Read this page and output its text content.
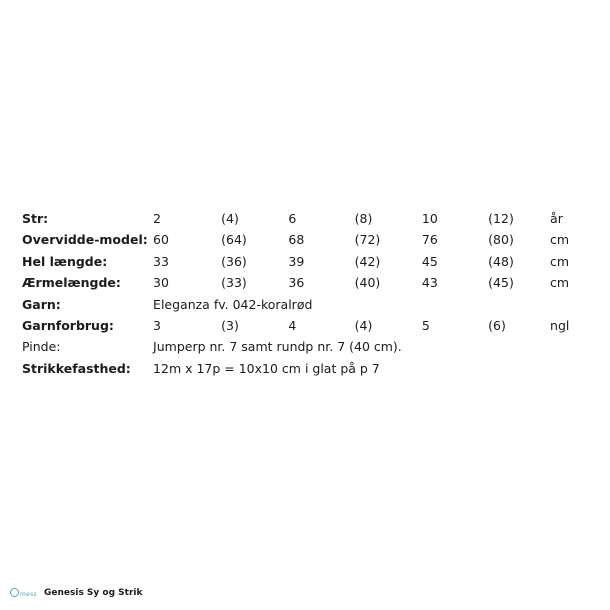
Str:	2	(4)	6	(8)	10	(12)	år
Overvidde-model:	60	(64)	68	(72)	76	(80)	cm
Hel længde:	33	(36)	39	(42)	45	(48)	cm
Ærmelængde:	30	(33)	36	(40)	43	(45)	cm
Garn:	Eleganza fv. 042-koralrød						
Garnforbrug:	3	(3)	4	(4)	5	(6)	ngl
Pinde:	Jumperp nr. 7 samt rundp nr. 7 (40 cm).						
Strikkefasthed:	12m x 17p = 10x10 cm i glat på p 7						
mess Genesis Sy og Strik
